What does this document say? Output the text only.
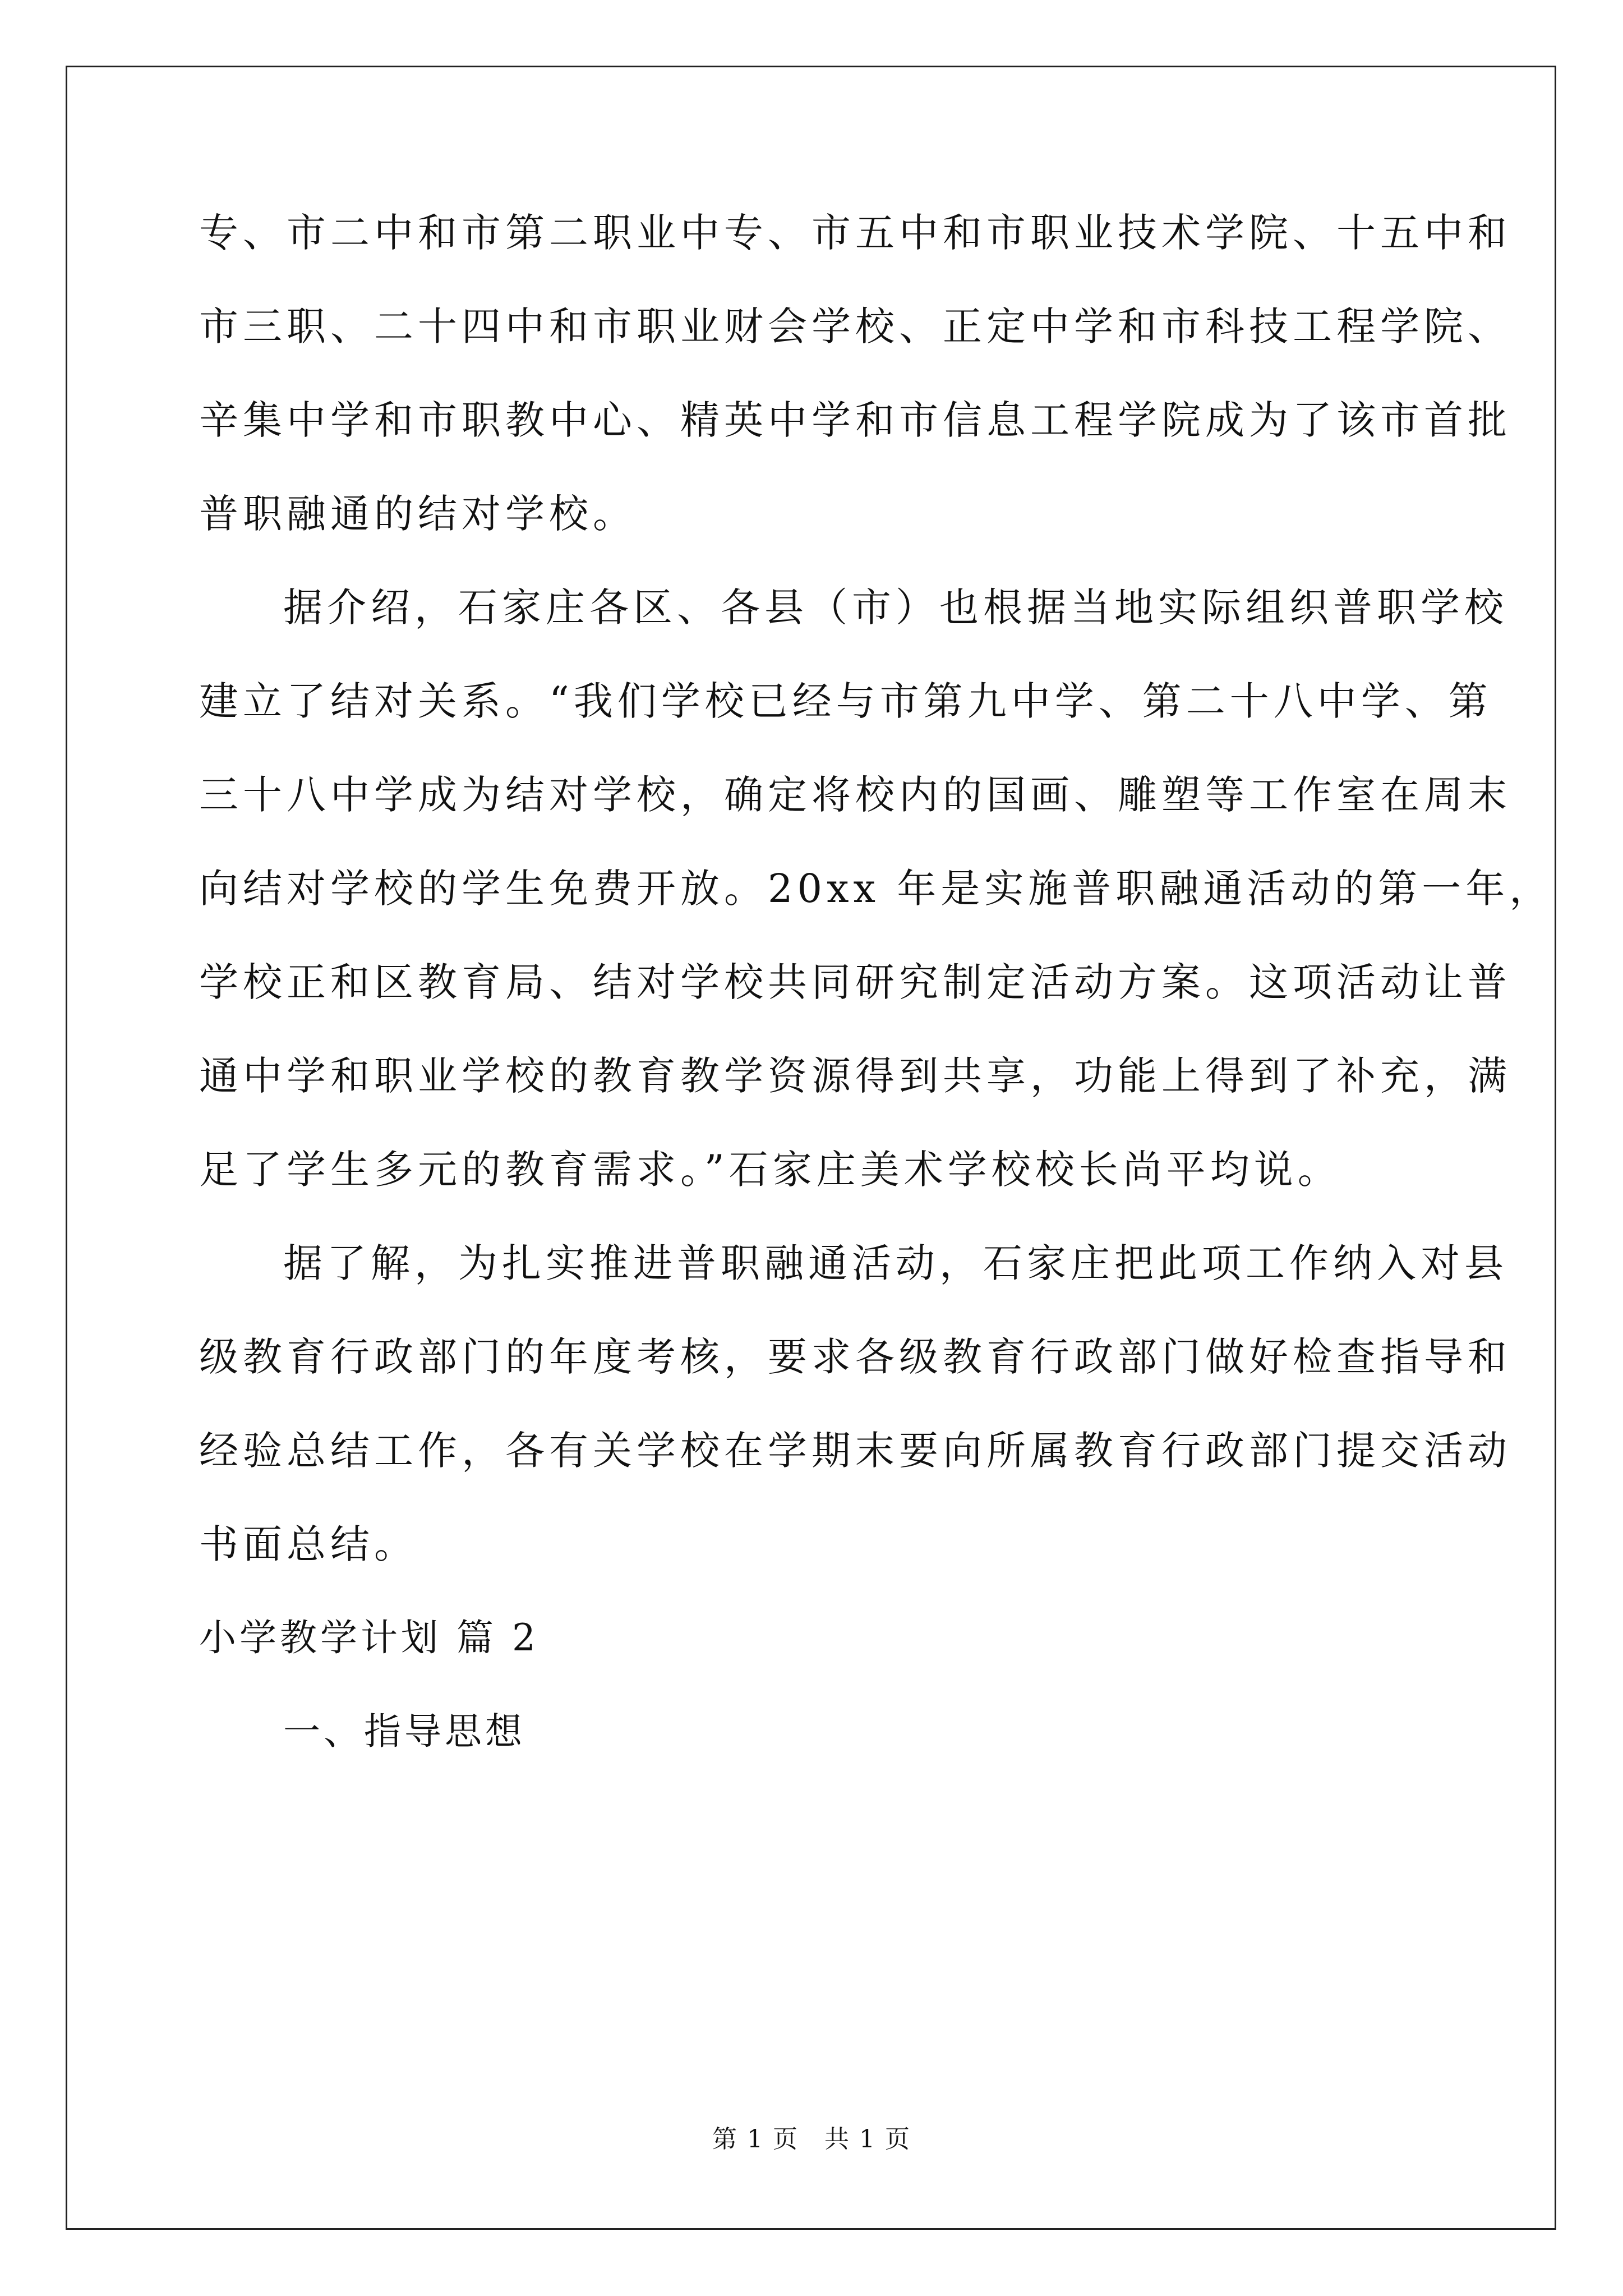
专、市二中和市第二职业中专、市五中和市职业技术学院、十五中和
市三职、二十四中和市职业财会学校、正定中学和市科技工程学院、
辛集中学和市职教中心、精英中学和市信息工程学院成为了该市首批
普职融通的结对学校。
据介绍，石家庄各区、各县（市）也根据当地实际组织普职学校
建立了结对关系。“我们学校已经与市第九中学、第二十八中学、第
三十八中学成为结对学校，确定将校内的国画、雕塑等工作室在周末
向结对学校的学生免费开放。20xx 年是实施普职融通活动的第一年，
学校正和区教育局、结对学校共同研究制定活动方案。这项活动让普
通中学和职业学校的教育教学资源得到共享，功能上得到了补充，满
足了学生多元的教育需求。”石家庄美术学校校长尚平均说。
据了解，为扎实推进普职融通活动，石家庄把此项工作纳入对县
级教育行政部门的年度考核，要求各级教育行政部门做好检查指导和
经验总结工作，各有关学校在学期末要向所属教育行政部门提交活动
书面总结。
小学教学计划 篇 2
一、指导思想
第 1 页　共 1 页
